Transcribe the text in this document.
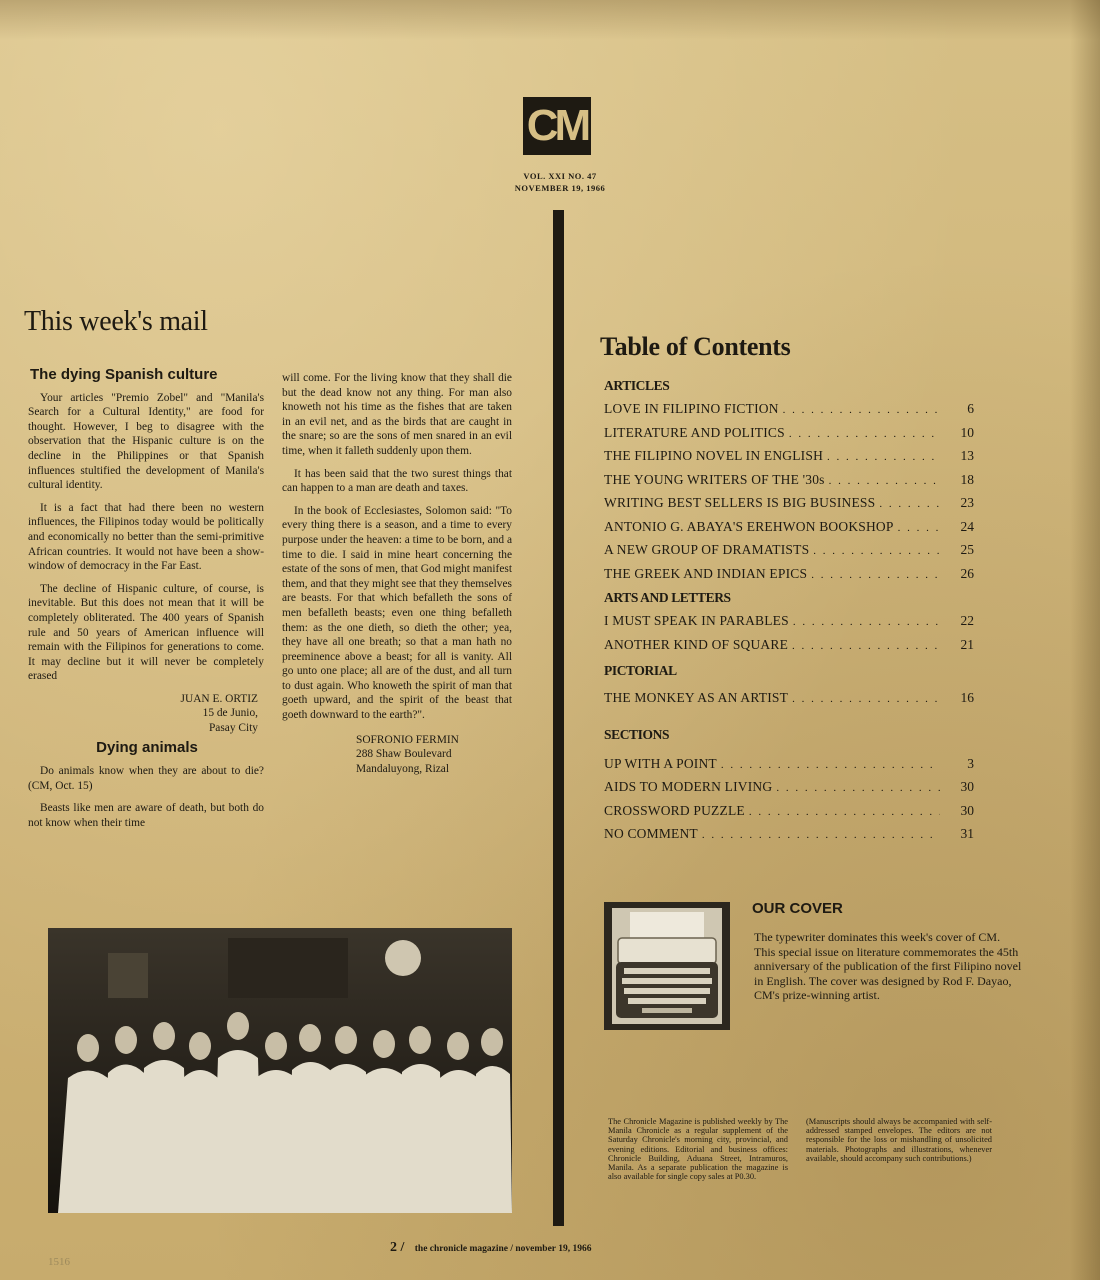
CM
VOL. XXI NO. 47
NOVEMBER 19, 1966
This week's mail
The dying Spanish culture

Your articles "Premio Zobel" and "Manila's Search for a Cultural Identity," are food for thought. However, I beg to disagree with the observation that the Hispanic culture is on the decline in the Philippines or that Spanish influences stultified the development of Manila's cultural identity.

It is a fact that had there been no western influences, the Filipinos today would be politically and economically no better than the semi-primitive African countries. It would not have been a show-window of democracy in the Far East.

The decline of Hispanic culture, of course, is inevitable. But this does not mean that it will be completely obliterated. The 400 years of Spanish rule and 50 years of American influence will remain with the Filipinos for generations to come. It may decline but it will never be completely erased

JUAN E. ORTIZ
15 de Junio,
Pasay City
Dying animals

Do animals know when they are about to die? (CM, Oct. 15)

Beasts like men are aware of death, but both do not know when their time

will come. For the living know that they shall die but the dead know not any thing. For man also knoweth not his time as the fishes that are taken in an evil net, and as the birds that are caught in the snare; so are the sons of men snared in an evil time, when it falleth suddenly upon them.

It has been said that the two surest things that can happen to a man are death and taxes.

In the book of Ecclesiastes, Solomon said: "To every thing there is a season, and a time to every purpose under the heaven: a time to be born, and a time to die. I said in mine heart concerning the estate of the sons of men, that God might manifest them, and that they might see that they themselves are beasts. For that which befalleth the sons of men befalleth beasts; even one thing befalleth them: as the one dieth, so dieth the other; yea, they have all one breath; so that a man hath no preeminence above a beast; for all is vanity. All go unto one place; all are of the dust, and all turn to dust again. Who knoweth the spirit of man that goeth upward, and the spirit of the beast that goeth downward to the earth?".

SOFRONIO FERMIN
288 Shaw Boulevard
Mandaluyong, Rizal
Table of Contents
ARTICLES
LOVE IN FILIPINO FICTION . . .	6
LITERATURE AND POLITICS . . .	10
THE FILIPINO NOVEL IN ENGLISH . . .	13
THE YOUNG WRITERS OF THE '30s . . .	18
WRITING BEST SELLERS IS BIG BUSINESS . . .	23
ANTONIO G. ABAYA'S EREHWON BOOKSHOP . . .	24
A NEW GROUP OF DRAMATISTS . . .	25
THE GREEK AND INDIAN EPICS . . .	26
ARTS AND LETTERS
I MUST SPEAK IN PARABLES . . .	22
ANOTHER KIND OF SQUARE . . .	21
PICTORIAL
THE MONKEY AS AN ARTIST . . .	16
SECTIONS
UP WITH A POINT . . .	3
AIDS TO MODERN LIVING . . .	30
CROSSWORD PUZZLE . . .	30
NO COMMENT . . .	31
OUR COVER

The typewriter dominates this week's cover of CM. This special issue on literature commemorates the 45th anniversary of the publication of the first Filipino novel in English. The cover was designed by Rod F. Dayao, CM's prize-winning artist.

The Chronicle Magazine is published weekly by The Manila Chronicle as a regular supplement of the Saturday Chronicle's morning city, provincial, and evening editions. Editorial and business offices: Chronicle Building, Aduana Street, Intramuros, Manila. As a separate publication the magazine is also available for single copy sales at P0.30.
(Manuscripts should always be accompanied with self-addressed stamped envelopes. The editors are not responsible for the loss or mishandling of unsolicited materials. Photographs and illustrations, whenever available, should accompany such contributions.)
2 / the chronicle magazine / november 19, 1966
1516
